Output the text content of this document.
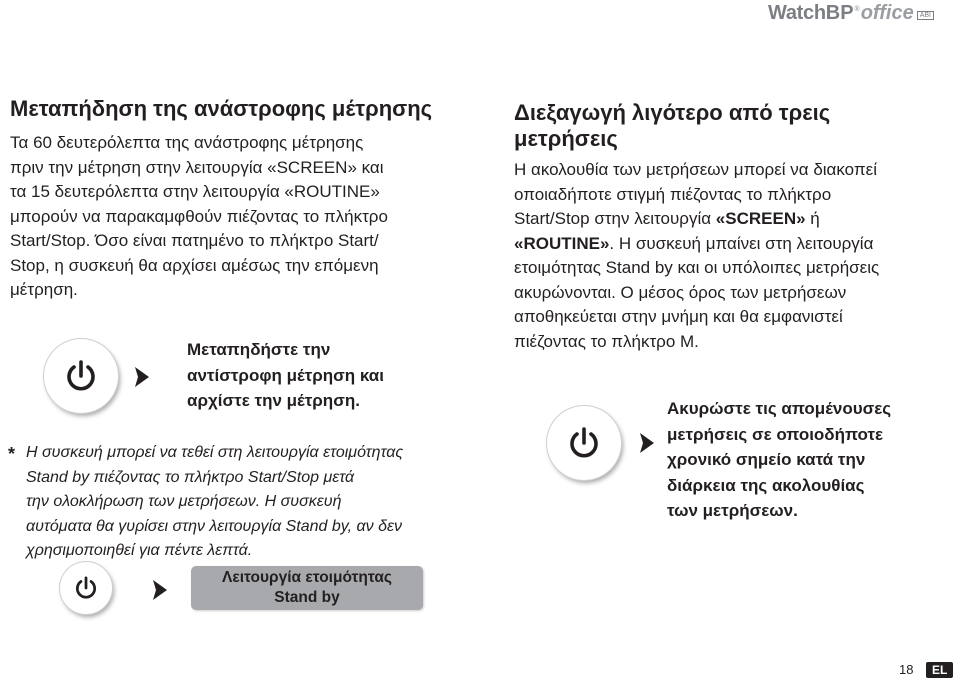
Watch BP ® office ABI
Μεταπήδηση της ανάστροφης μέτρησης
Τα 60 δευτερόλεπτα της ανάστροφης μέτρησης
πριν την μέτρηση στην λειτουργία «SCREEN» και
τα 15 δευτερόλεπτα στην λειτουργία «ROUTINE»
μπορούν να παρακαμφθούν πιέζοντας το πλήκτρο
Start/Stop. Όσο είναι πατημένο το πλήκτρο Start/
Stop, η συσκευή θα αρχίσει αμέσως την επόμενη
μέτρηση.
Μεταπηδήστε την
αντίστροφη μέτρηση και
αρχίστε την μέτρηση.
* Η συσκευή μπορεί να τεθεί στη λειτουργία ετοιμότητας
Stand by πιέζοντας το πλήκτρο Start/Stop μετά
την ολοκλήρωση των μετρήσεων. Η συσκευή
αυτόματα θα γυρίσει στην λειτουργία Stand by, αν δεν
χρησιμοποιηθεί για πέντε λεπτά.
Λειτουργία ετοιμότητας
Stand by
Διεξαγωγή λιγότερο από τρεις
μετρήσεις
Η ακολουθία των μετρήσεων μπορεί να διακοπεί
οποιαδήποτε στιγμή πιέζοντας το πλήκτρο
Start/Stop στην λειτουργία «SCREEN» ή
«ROUTINE». Η συσκευή μπαίνει στη λειτουργία
ετοιμότητας Stand by και οι υπόλοιπες μετρήσεις
ακυρώνονται. Ο μέσος όρος των μετρήσεων
αποθηκεύεται στην μνήμη και θα εμφανιστεί
πιέζοντας το πλήκτρο M.
Ακυρώστε τις απομένουσες
μετρήσεις σε οποιοδήποτε
χρονικό σημείο κατά την
διάρκεια της ακολουθίας
των μετρήσεων.
18	EL
